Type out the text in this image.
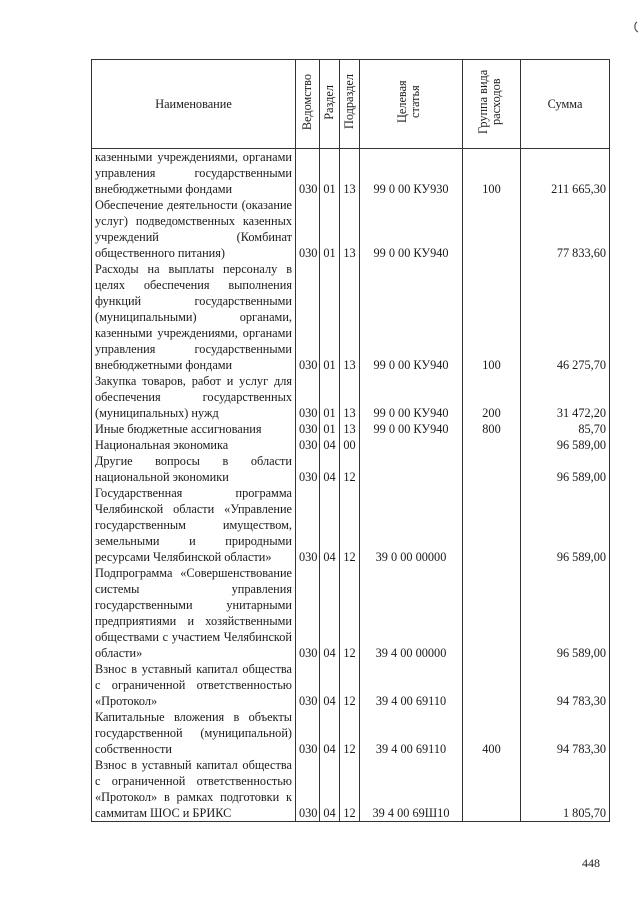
Наименование	Ведомство	Раздел	Подраздел	Целевая статья	Группа вида расходов	Сумма
казенными учреждениями, органами управления государственными внебюджетными фондами	030	01	13	99 0 00 КУ930	100	211 665,30
Обеспечение деятельности (оказание услуг) подведомственных казенных учреждений (Комбинат общественного питания)	030	01	13	99 0 00 КУ940		77 833,60
Расходы на выплаты персоналу в целях обеспечения выполнения функций государственными (муниципальными) органами, казенными учреждениями, органами управления государственными внебюджетными фондами	030	01	13	99 0 00 КУ940	100	46 275,70
Закупка товаров, работ и услуг для обеспечения государственных (муниципальных) нужд	030	01	13	99 0 00 КУ940	200	31 472,20
Иные бюджетные ассигнования	030	01	13	99 0 00 КУ940	800	85,70
Национальная экономика	030	04	00			96 589,00
Другие вопросы в области национальной экономики	030	04	12			96 589,00
Государственная программа Челябинской области «Управление государственным имуществом, земельными и природными ресурсами Челябинской области»	030	04	12	39 0 00 00000		96 589,00
Подпрограмма «Совершенствование системы управления государственными унитарными предприятиями и хозяйственными обществами с участием Челябинской области»	030	04	12	39 4 00 00000		96 589,00
Взнос в уставный капитал общества с ограниченной ответственностью «Протокол»	030	04	12	39 4 00 69110		94 783,30
Капитальные вложения в объекты государственной (муниципальной) собственности	030	04	12	39 4 00 69110	400	94 783,30
Взнос в уставный капитал общества с ограниченной ответственностью «Протокол» в рамках подготовки к саммитам ШОС и БРИКС	030	04	12	39 4 00 69Ш10		1 805,70
448
